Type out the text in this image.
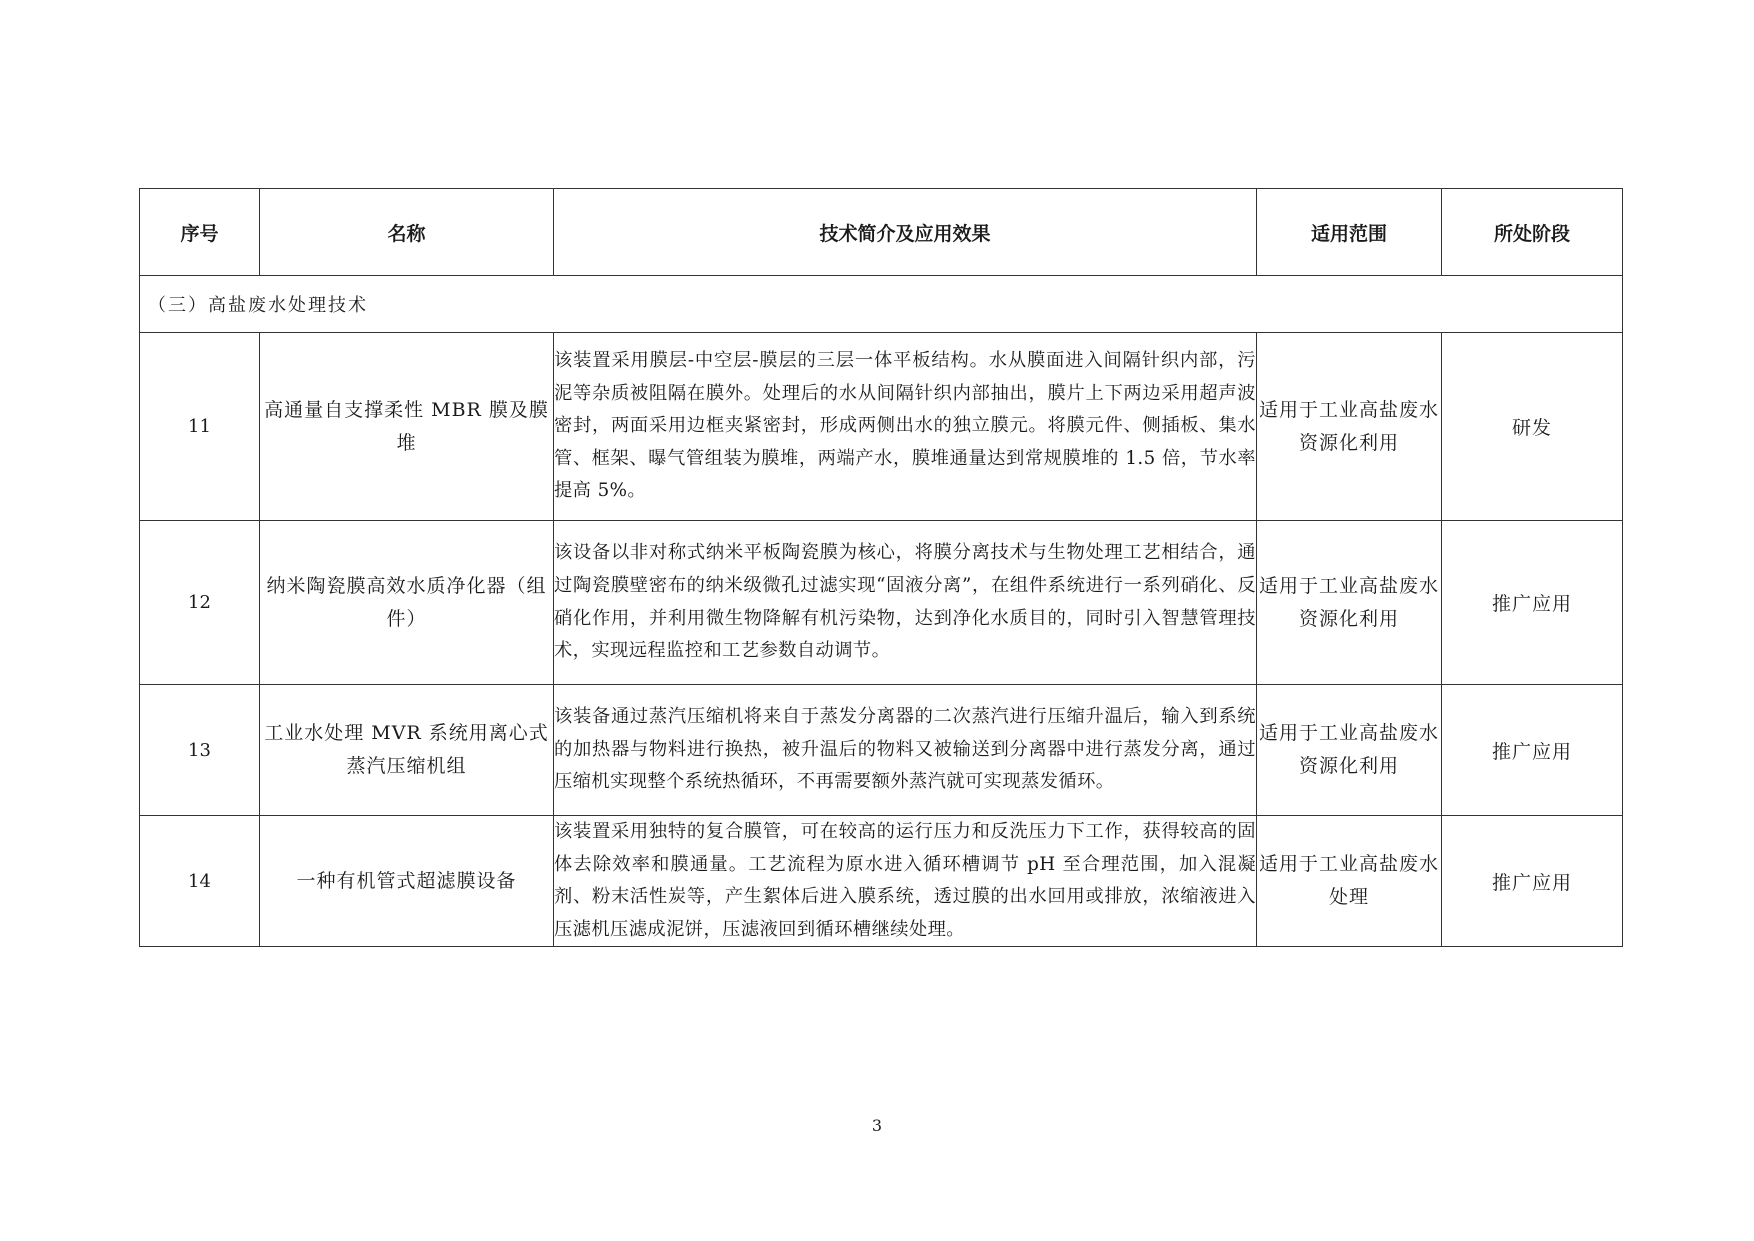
序号	名称	技术简介及应用效果	适用范围	所处阶段
（三）高盐废水处理技术				
11	高通量自支撑柔性 MBR 膜及膜堆	该装置采用膜层-中空层-膜层的三层一体平板结构。水从膜面进入间隔针织内部，污泥等杂质被阻隔在膜外。处理后的水从间隔针织内部抽出，膜片上下两边采用超声波密封，两面采用边框夹紧密封，形成两侧出水的独立膜元。将膜元件、侧插板、集水管、框架、曝气管组装为膜堆，两端产水，膜堆通量达到常规膜堆的 1.5 倍，节水率提高 5%。	适用于工业高盐废水资源化利用	研发
12	纳米陶瓷膜高效水质净化器（组件）	该设备以非对称式纳米平板陶瓷膜为核心，将膜分离技术与生物处理工艺相结合，通过陶瓷膜壁密布的纳米级微孔过滤实现“固液分离”，在组件系统进行一系列硝化、反硝化作用，并利用微生物降解有机污染物，达到净化水质目的，同时引入智慧管理技术，实现远程监控和工艺参数自动调节。	适用于工业高盐废水资源化利用	推广应用
13	工业水处理 MVR 系统用离心式蒸汽压缩机组	该装备通过蒸汽压缩机将来自于蒸发分离器的二次蒸汽进行压缩升温后，输入到系统的加热器与物料进行换热，被升温后的物料又被输送到分离器中进行蒸发分离，通过压缩机实现整个系统热循环，不再需要额外蒸汽就可实现蒸发循环。	适用于工业高盐废水资源化利用	推广应用
14	一种有机管式超滤膜设备	该装置采用独特的复合膜管，可在较高的运行压力和反洗压力下工作，获得较高的固体去除效率和膜通量。工艺流程为原水进入循环槽调节 pH 至合理范围，加入混凝剂、粉末活性炭等，产生絮体后进入膜系统，透过膜的出水回用或排放，浓缩液进入压滤机压滤成泥饼，压滤液回到循环槽继续处理。	适用于工业高盐废水处理	推广应用
3
